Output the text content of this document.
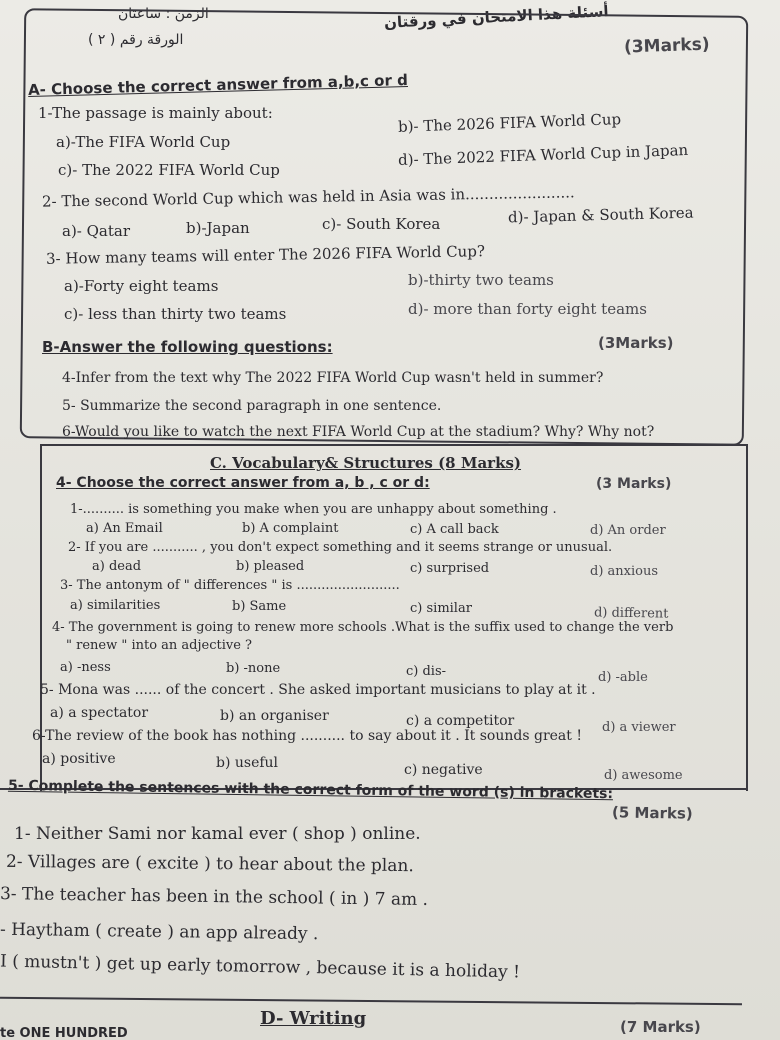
الزمن : ساعتان
الورقة رقم ( ٢ )
أسئلة هذا الامتحان في ورقتان
A- Choose the correct answer from a,b,c or d
(3Marks)
1-The passage is mainly about:
a)-The FIFA World Cup
b)- The 2026 FIFA World Cup
c)- The 2022 FIFA World Cup
d)- The 2022 FIFA World Cup in Japan
2- The second World Cup which was held in Asia was in.......................
a)- Qatar	b)-Japan	c)- South Korea	d)- Japan & South Korea
3- How many teams will enter The 2026 FIFA World Cup?
a)-Forty eight teams	b)-thirty two teams
c)- less than thirty two teams	d)- more than forty eight teams
B-Answer the following questions:	(3Marks)
4-Infer from the text why The 2022 FIFA World Cup wasn't held in summer?
5- Summarize the second paragraph in one sentence.
6-Would you like to watch the next FIFA World Cup at the stadium? Why? Why not?
C. Vocabulary& Structures (8 Marks)
4- Choose the correct answer from a, b , c or d:	(3 Marks)
1-.......... is something you make when you are unhappy about something .
a) An Email	b) A complaint	c) A call back	d) An order
2- If you are ........... , you don't expect something and it seems strange or unusual.
a) dead	b) pleased	c) surprised	d) anxious
3- The antonym of " differences " is .........................
a) similarities	b) Same	c) similar	d) different
4- The government is going to renew more schools .What is the suffix used to change the verb
" renew " into an adjective ?
a) -ness	b) -none	c) dis-	d) -able
5- Mona was ...... of the concert . She asked important musicians to play at it .
a) a spectator	b) an organiser	c) a competitor	d) a viewer
6-The review of the book has nothing .......... to say about it . It sounds great !
a) positive	b) useful	c) negative	d) awesome
5- Complete the sentences with the correct form of the word (s) in brackets:
(5 Marks)
1- Neither Sami nor kamal ever ( shop ) online.
2- Villages are ( excite ) to hear about the plan.
3- The teacher has been in the school ( in ) 7 am .
- Haytham ( create ) an app already .
I ( mustn't ) get up early tomorrow , because it is a holiday !
D- Writing	(7 Marks)
te ONE HUNDRED
